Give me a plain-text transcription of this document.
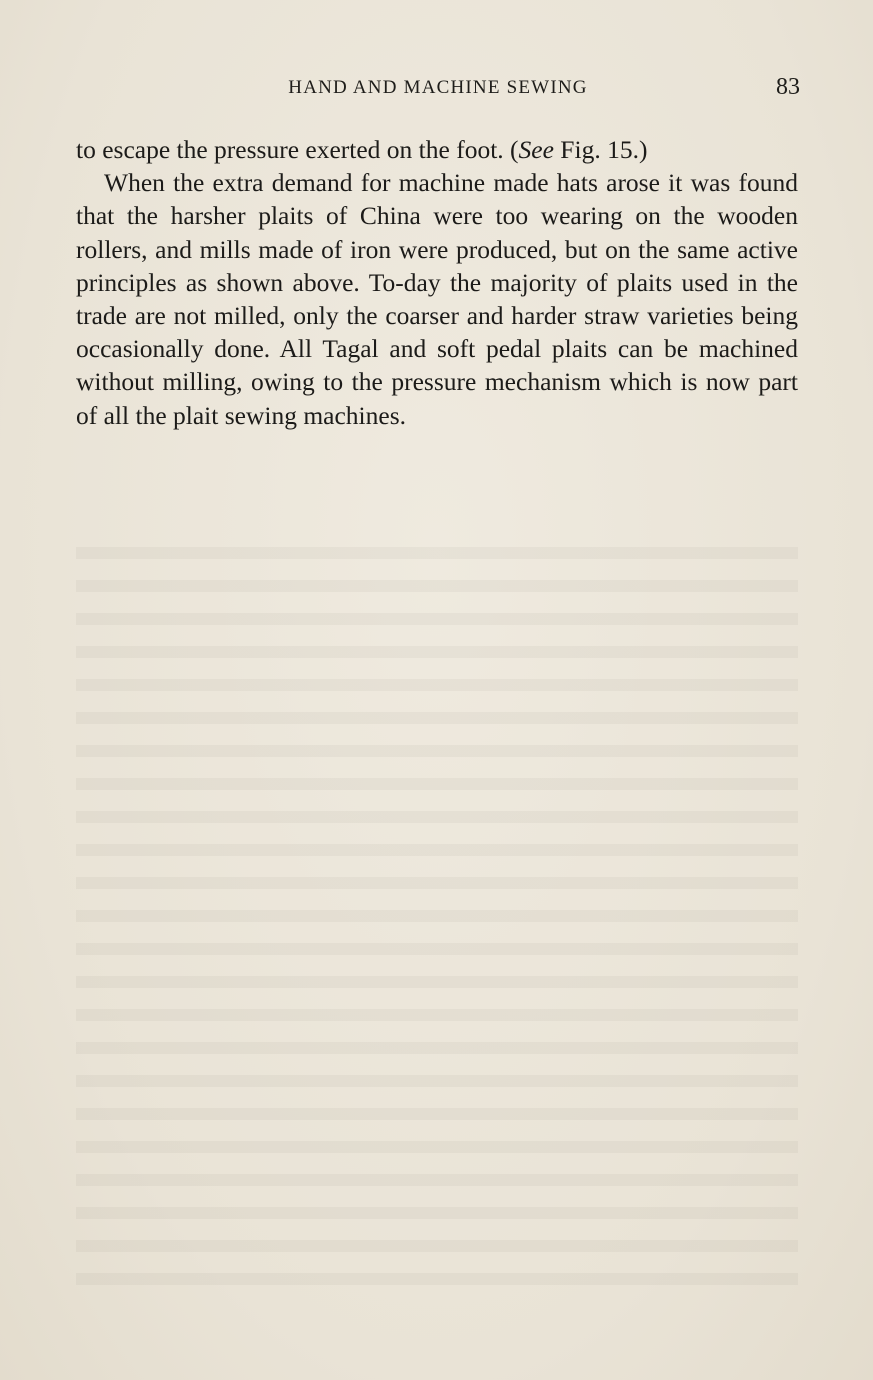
HAND AND MACHINE SEWING	83

to escape the pressure exerted on the foot. (See Fig. 15.)

When the extra demand for machine made hats arose it was found that the harsher plaits of China were too wearing on the wooden rollers, and mills made of iron were produced, but on the same active principles as shown above. To-day the majority of plaits used in the trade are not milled, only the coarser and harder straw varieties being occasionally done. All Tagal and soft pedal plaits can be machined without milling, owing to the pressure mechanism which is now part of all the plait sewing machines.
